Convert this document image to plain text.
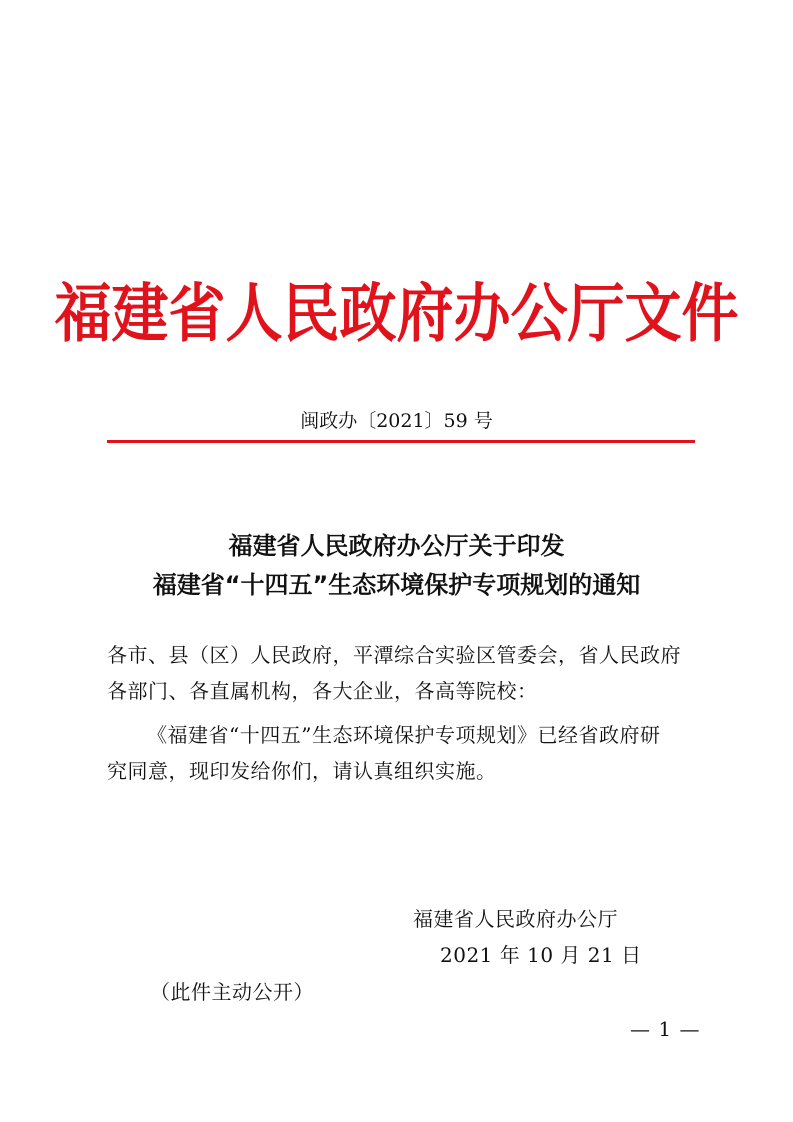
福建省人民政府办公厅文件
闽政办〔2021〕59 号
福建省人民政府办公厅关于印发
福建省“十四五”生态环境保护专项规划的通知
各市、县（区）人民政府，平潭综合实验区管委会，省人民政府
各部门、各直属机构，各大企业，各高等院校：
《福建省“十四五”生态环境保护专项规划》已经省政府研
究同意，现印发给你们，请认真组织实施。
福建省人民政府办公厅
2021 年 10 月 21 日
（此件主动公开）
— 1 —
